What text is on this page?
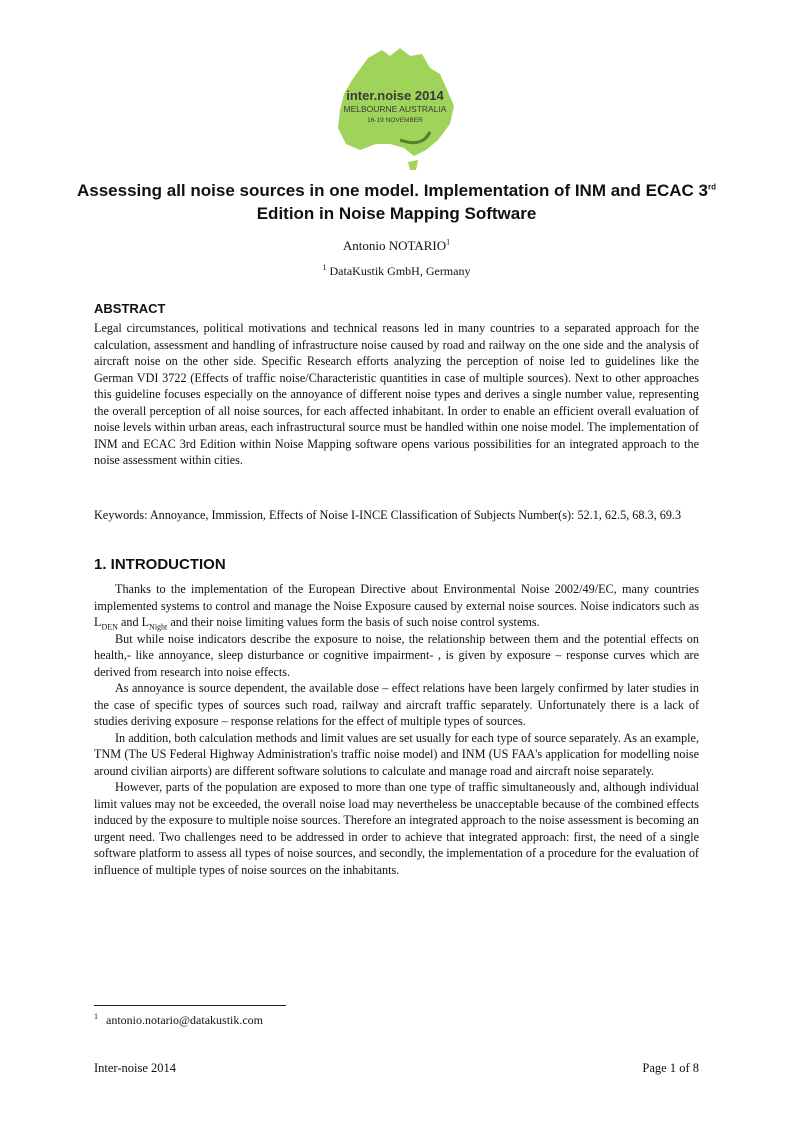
inter.noise 2014
MELBOURNE AUSTRALIA
16-19 NOVEMBER
Assessing all noise sources in one model. Implementation of INM and ECAC 3rd Edition in Noise Mapping Software
Antonio NOTARIO$^1$
$^1$ DataKustik GmbH, Germany
ABSTRACT

Legal circumstances, political motivations and technical reasons led in many countries to a separated approach for the calculation, assessment and handling of infrastructure noise caused by road and railway on the one side and the analysis of aircraft noise on the other side. Specific Research efforts analyzing the perception of noise led to guidelines like the German VDI 3722 (Effects of traffic noise/Characteristic quantities in case of multiple sources). Next to other approaches this guideline focuses especially on the annoyance of different noise types and derives a single number value, representing the overall perception of all noise sources, for each affected inhabitant. In order to enable an efficient overall evaluation of noise levels within urban areas, each infrastructural source must be handled within one noise model. The implementation of INM and ECAC 3rd Edition within Noise Mapping software opens various possibilities for an integrated approach to the noise assessment within cities.

Keywords: Annoyance, Immission, Effects of Noise I-INCE Classification of Subjects Number(s): 52.1, 62.5, 68.3, 69.3

1. INTRODUCTION

Thanks to the implementation of the European Directive about Environmental Noise 2002/49/EC, many countries implemented systems to control and manage the Noise Exposure caused by external noise sources. Noise indicators such as $L_{DEN}$ and $L_{Night}$ and their noise limiting values form the basis of such noise control systems.

But while noise indicators describe the exposure to noise, the relationship between them and the potential effects on health,- like annoyance, sleep disturbance or cognitive impairment- , is given by exposure – response curves which are derived from research into noise effects.

As annoyance is source dependent, the available dose – effect relations have been largely confirmed by later studies in the case of specific types of sources such road, railway and aircraft traffic separately. Unfortunately there is a lack of studies deriving exposure – response relations for the effect of multiple types of sources.

In addition, both calculation methods and limit values are set usually for each type of source separately. As an example, TNM (The US Federal Highway Administration's traffic noise model) and INM (US FAA's application for modelling noise around civilian airports) are different software solutions to calculate and manage road and aircraft noise separately.

However, parts of the population are exposed to more than one type of traffic simultaneously and, although individual limit values may not be exceeded, the overall noise load may nevertheless be unacceptable because of the combined effects induced by the exposure to multiple noise sources. Therefore an integrated approach to the noise assessment is becoming an urgent need. Two challenges need to be addressed in order to achieve that integrated approach: first, the need of a single software platform to assess all types of noise sources, and secondly, the implementation of a procedure for the evaluation of influence of multiple types of noise sources on the inhabitants.

$^1$ antonio.notario@datakustik.com
Inter-noise 2014	Page 1 of 8
